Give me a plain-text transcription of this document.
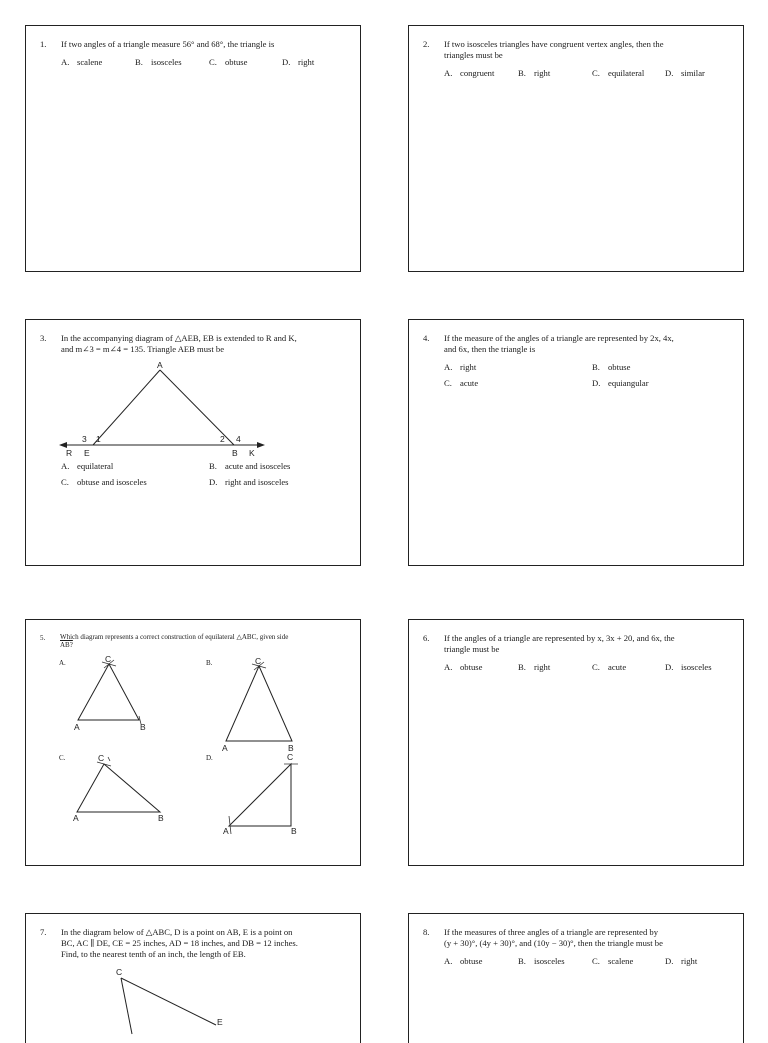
1. If two angles of a triangle measure 56° and 68°, the triangle is
A. scalene	B. isosceles	C. obtuse	D. right
2. If two isosceles triangles have congruent vertex angles, then the
triangles must be
A. congruent	B. right	C. equilateral D. similar
3. In the accompanying diagram of △AEB, EB is extended to R and K,
and m∠3 = m∠4 = 135. Triangle AEB must be
A
3 1	2 4
R E	B K
A. equilateral	B. acute and isosceles
C. obtuse and isosceles	D. right and isosceles
4. If the measure of the angles of a triangle are represented by 2x, 4x,
and 6x, then the triangle is
A. right	B. obtuse
C. acute	D. equiangular
5. Which diagram represents a correct construction of equilateral △ABC, given side
AB?
A.	B.
C.	D.
C
A	B
C
A	B
C
A	B
C
A	B
6. If the angles of a triangle are represented by x, 3x + 20, and 6x, the
triangle must be
A. obtuse	B. right	C. acute	D. isosceles
7. In the diagram below of △ABC, D is a point on AB, E is a point on
BC, AC ∥ DE, CE = 25 inches, AD = 18 inches, and DB = 12 inches.
Find, to the nearest tenth of an inch, the length of EB.
C
E
8. If the measures of three angles of a triangle are represented by
(y + 30)°, (4y + 30)°, and (10y − 30)°, then the triangle must be
A. obtuse	B. isosceles	C. scalene	D. right
